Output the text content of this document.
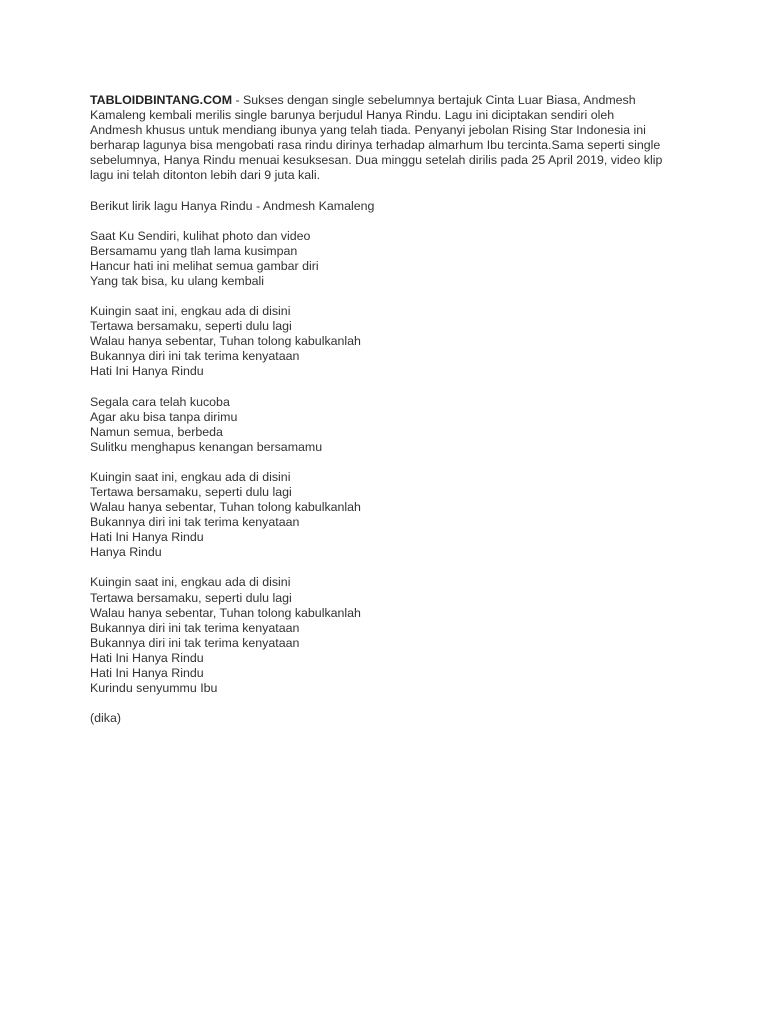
TABLOIDBINTANG.COM - Sukses dengan single sebelumnya bertajuk Cinta Luar Biasa, Andmesh
Kamaleng kembali merilis single barunya berjudul Hanya Rindu. Lagu ini diciptakan sendiri oleh
Andmesh khusus untuk mendiang ibunya yang telah tiada. Penyanyi jebolan Rising Star Indonesia ini
berharap lagunya bisa mengobati rasa rindu dirinya terhadap almarhum Ibu tercinta.Sama seperti single
sebelumnya, Hanya Rindu menuai kesuksesan. Dua minggu setelah dirilis pada 25 April 2019, video klip
lagu ini telah ditonton lebih dari 9 juta kali.
Berikut lirik lagu Hanya Rindu - Andmesh Kamaleng
Saat Ku Sendiri, kulihat photo dan video
Bersamamu yang tlah lama kusimpan
Hancur hati ini melihat semua gambar diri
Yang tak bisa, ku ulang kembali
Kuingin saat ini, engkau ada di disini
Tertawa bersamaku, seperti dulu lagi
Walau hanya sebentar, Tuhan tolong kabulkanlah
Bukannya diri ini tak terima kenyataan
Hati Ini Hanya Rindu
Segala cara telah kucoba
Agar aku bisa tanpa dirimu
Namun semua, berbeda
Sulitku menghapus kenangan bersamamu
Kuingin saat ini, engkau ada di disini
Tertawa bersamaku, seperti dulu lagi
Walau hanya sebentar, Tuhan tolong kabulkanlah
Bukannya diri ini tak terima kenyataan
Hati Ini Hanya Rindu
Hanya Rindu
Kuingin saat ini, engkau ada di disini
Tertawa bersamaku, seperti dulu lagi
Walau hanya sebentar, Tuhan tolong kabulkanlah
Bukannya diri ini tak terima kenyataan
Bukannya diri ini tak terima kenyataan
Hati Ini Hanya Rindu
Hati Ini Hanya Rindu
Kurindu senyummu Ibu
(dika)
